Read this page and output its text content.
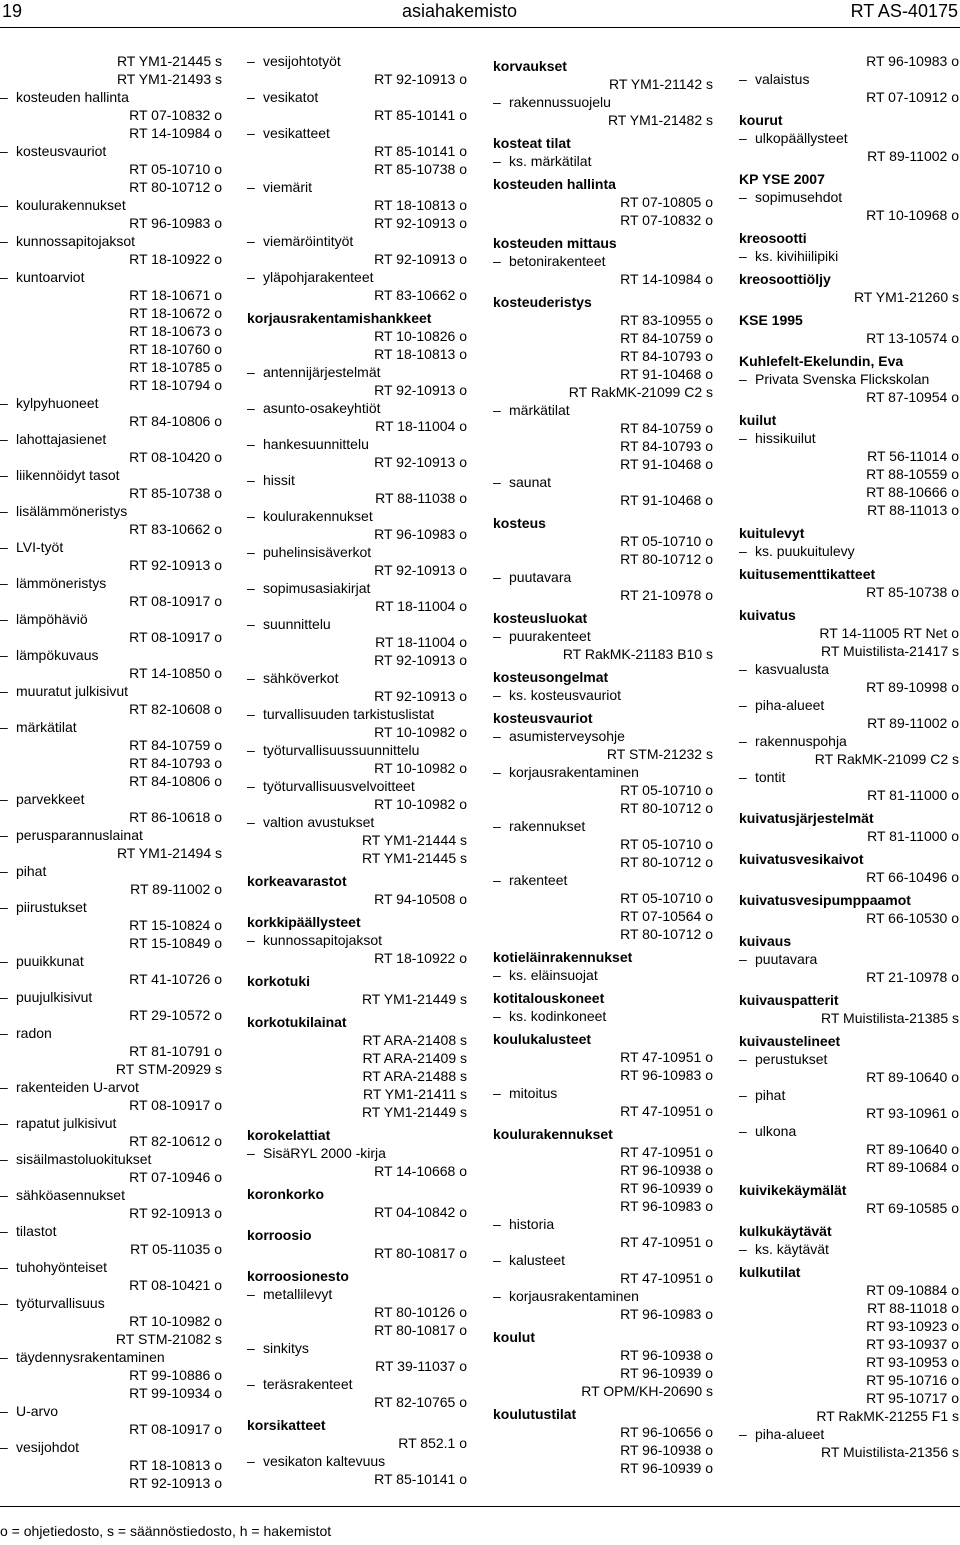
19	asiahakemisto	RT AS-40175
RT YM1-21445 s
RT YM1-21493 s
– kosteuden hallinta
RT 07-10832 o
RT 14-10984 o
– kosteusvauriot
RT 05-10710 o
RT 80-10712 o
– koulurakennukset
RT 96-10983 o
– kunnossapitojaksot
RT 18-10922 o
– kuntoarviot
RT 18-10671 o
RT 18-10672 o
RT 18-10673 o
RT 18-10760 o
RT 18-10785 o
RT 18-10794 o
– kylpyhuoneet
RT 84-10806 o
– lahottajasienet
RT 08-10420 o
– liikennöidyt tasot
RT 85-10738 o
– lisälämmöneristys
RT 83-10662 o
– LVI-työt
RT 92-10913 o
– lämmöneristys
RT 08-10917 o
– lämpöhäviö
RT 08-10917 o
– lämpökuvaus
RT 14-10850 o
– muuratut julkisivut
RT 82-10608 o
– märkätilat
RT 84-10759 o
RT 84-10793 o
RT 84-10806 o
– parvekkeet
RT 86-10618 o
– perusparannuslainat
RT YM1-21494 s
– pihat
RT 89-11002 o
– piirustukset
RT 15-10824 o
RT 15-10849 o
– puuikkunat
RT 41-10726 o
– puujulkisivut
RT 29-10572 o
– radon
RT 81-10791 o
RT STM-20929 s
– rakenteiden U-arvot
RT 08-10917 o
– rapatut julkisivut
RT 82-10612 o
– sisäilmastoluokitukset
RT 07-10946 o
– sähköasennukset
RT 92-10913 o
– tilastot
RT 05-11035 o
– tuhohyönteiset
RT 08-10421 o
– työturvallisuus
RT 10-10982 o
RT STM-21082 s
– täydennysrakentaminen
RT 99-10886 o
RT 99-10934 o
– U-arvo
RT 08-10917 o
– vesijohdot
RT 18-10813 o
RT 92-10913 o
– vesijohtotyöt
RT 92-10913 o
– vesikatot
RT 85-10141 o
– vesikatteet
RT 85-10141 o
RT 85-10738 o
– viemärit
RT 18-10813 o
RT 92-10913 o
– viemäröintityöt
RT 92-10913 o
– yläpohjarakenteet
RT 83-10662 o
korjausrakentamishankkeet
RT 10-10826 o
RT 18-10813 o
– antennijärjestelmät
RT 92-10913 o
– asunto-osakeyhtiöt
RT 18-11004 o
– hankesuunnittelu
RT 92-10913 o
– hissit
RT 88-11038 o
– koulurakennukset
RT 96-10983 o
– puhelinsisäverkot
RT 92-10913 o
– sopimusasiakirjat
RT 18-11004 o
– suunnittelu
RT 18-11004 o
RT 92-10913 o
– sähköverkot
RT 92-10913 o
– turvallisuuden tarkistuslistat
RT 10-10982 o
– työturvallisuussuunnittelu
RT 10-10982 o
– työturvallisuusvelvoitteet
RT 10-10982 o
– valtion avustukset
RT YM1-21444 s
RT YM1-21445 s
korkeavarastot
RT 94-10508 o
korkkipäällysteet
– kunnossapitojaksot
RT 18-10922 o
korkotuki
RT YM1-21449 s
korkotukilainat
RT ARA-21408 s
RT ARA-21409 s
RT ARA-21488 s
RT YM1-21411 s
RT YM1-21449 s
korokelattiat
– SisäRYL 2000 -kirja
RT 14-10668 o
koronkorko
RT 04-10842 o
korroosio
RT 80-10817 o
korroosionesto
– metallilevyt
RT 80-10126 o
RT 80-10817 o
– sinkitys
RT 39-11037 o
– teräsrakenteet
RT 82-10765 o
korsikatteet
RT 852.1 o
– vesikaton kaltevuus
RT 85-10141 o
korvaukset
RT YM1-21142 s
– rakennussuojelu
RT YM1-21482 s
kosteat tilat
– ks. märkätilat
kosteuden hallinta
RT 07-10805 o
RT 07-10832 o
kosteuden mittaus
– betonirakenteet
RT 14-10984 o
kosteuderistys
RT 83-10955 o
RT 84-10759 o
RT 84-10793 o
RT 91-10468 o
RT RakMK-21099 C2 s
– märkätilat
RT 84-10759 o
RT 84-10793 o
RT 91-10468 o
– saunat
RT 91-10468 o
kosteus
RT 05-10710 o
RT 80-10712 o
– puutavara
RT 21-10978 o
kosteusluokat
– puurakenteet
RT RakMK-21183 B10 s
kosteusongelmat
– ks. kosteusvauriot
kosteusvauriot
– asumisterveysohje
RT STM-21232 s
– korjausrakentaminen
RT 05-10710 o
RT 80-10712 o
– rakennukset
RT 05-10710 o
RT 80-10712 o
– rakenteet
RT 05-10710 o
RT 07-10564 o
RT 80-10712 o
kotieläinrakennukset
– ks. eläinsuojat
kotitalouskoneet
– ks. kodinkoneet
koulukalusteet
RT 47-10951 o
RT 96-10983 o
– mitoitus
RT 47-10951 o
koulurakennukset
RT 47-10951 o
RT 96-10938 o
RT 96-10939 o
RT 96-10983 o
– historia
RT 47-10951 o
– kalusteet
RT 47-10951 o
– korjausrakentaminen
RT 96-10983 o
koulut
RT 96-10938 o
RT 96-10939 o
RT OPM/KH-20690 s
koulutustilat
RT 96-10656 o
RT 96-10938 o
RT 96-10939 o
RT 96-10983 o
– valaistus
RT 07-10912 o
kourut
– ulkopäällysteet
RT 89-11002 o
KP YSE 2007
– sopimusehdot
RT 10-10968 o
kreosootti
– ks. kivihiilipiki
kreosoottiöljy
RT YM1-21260 s
KSE 1995
RT 13-10574 o
Kuhlefelt-Ekelundin, Eva
– Privata Svenska Flickskolan
RT 87-10954 o
kuilut
– hissikuilut
RT 56-11014 o
RT 88-10559 o
RT 88-10666 o
RT 88-11013 o
kuitulevyt
– ks. puukuitulevy
kuitusementtikatteet
RT 85-10738 o
kuivatus
RT 14-11005 RT Net o
RT Muistilista-21417 s
– kasvualusta
RT 89-10998 o
– piha-alueet
RT 89-11002 o
– rakennuspohja
RT RakMK-21099 C2 s
– tontit
RT 81-11000 o
kuivatusjärjestelmät
RT 81-11000 o
kuivatusvesikaivot
RT 66-10496 o
kuivatusvesipumppaamot
RT 66-10530 o
kuivaus
– puutavara
RT 21-10978 o
kuivauspatterit
RT Muistilista-21385 s
kuivaustelineet
– perustukset
RT 89-10640 o
– pihat
RT 93-10961 o
– ulkona
RT 89-10640 o
RT 89-10684 o
kuivikekäymälät
RT 69-10585 o
kulkukäytävät
– ks. käytävät
kulkutilat
RT 09-10884 o
RT 88-11018 o
RT 93-10923 o
RT 93-10937 o
RT 93-10953 o
RT 95-10716 o
RT 95-10717 o
RT RakMK-21255 F1 s
– piha-alueet
RT Muistilista-21356 s
o = ohjetiedosto, s = säännöstiedosto, h = hakemistot
